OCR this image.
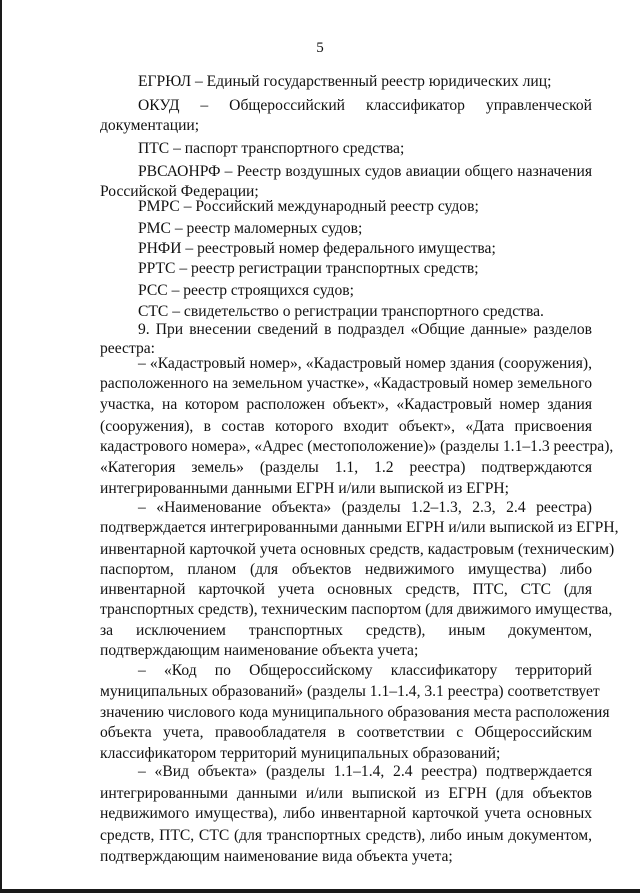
5
ЕГРЮЛ – Единый государственный реестр юридических лиц;
ОКУД – Общероссийский классификатор управленческой
документации;
ПТС – паспорт транспортного средства;
РВСАОНРФ – Реестр воздушных судов авиации общего назначения
Российской Федерации;
РМРС – Российский международный реестр судов;
РМС – реестр маломерных судов;
РНФИ – реестровый номер федерального имущества;
РРТС – реестр регистрации транспортных средств;
РСС – реестр строящихся судов;
СТС – свидетельство о регистрации транспортного средства.
9. При внесении сведений в подраздел «Общие данные» разделов
реестра:
– «Кадастровый номер», «Кадастровый номер здания (сооружения),
расположенного на земельном участке», «Кадастровый номер земельного
участка, на котором расположен объект», «Кадастровый номер здания
(сооружения), в состав которого входит объект», «Дата присвоения
кадастрового номера», «Адрес (местоположение)» (разделы 1.1–1.3 реестра),
«Категория земель» (разделы 1.1, 1.2 реестра) подтверждаются
интегрированными данными ЕГРН и/или выпиской из ЕГРН;
– «Наименование объекта» (разделы 1.2–1.3, 2.3, 2.4 реестра)
подтверждается интегрированными данными ЕГРН и/или выпиской из ЕГРН,
инвентарной карточкой учета основных средств, кадастровым (техническим)
паспортом, планом (для объектов недвижимого имущества) либо
инвентарной карточкой учета основных средств, ПТС, СТС (для
транспортных средств), техническим паспортом (для движимого имущества,
за исключением транспортных средств), иным документом,
подтверждающим наименование объекта учета;
– «Код по Общероссийскому классификатору территорий
муниципальных образований» (разделы 1.1–1.4, 3.1 реестра) соответствует
значению числового кода муниципального образования места расположения
объекта учета, правообладателя в соответствии с Общероссийским
классификатором территорий муниципальных образований;
– «Вид объекта» (разделы 1.1–1.4, 2.4 реестра) подтверждается
интегрированными данными и/или выпиской из ЕГРН (для объектов
недвижимого имущества), либо инвентарной карточкой учета основных
средств, ПТС, СТС (для транспортных средств), либо иным документом,
подтверждающим наименование вида объекта учета;
